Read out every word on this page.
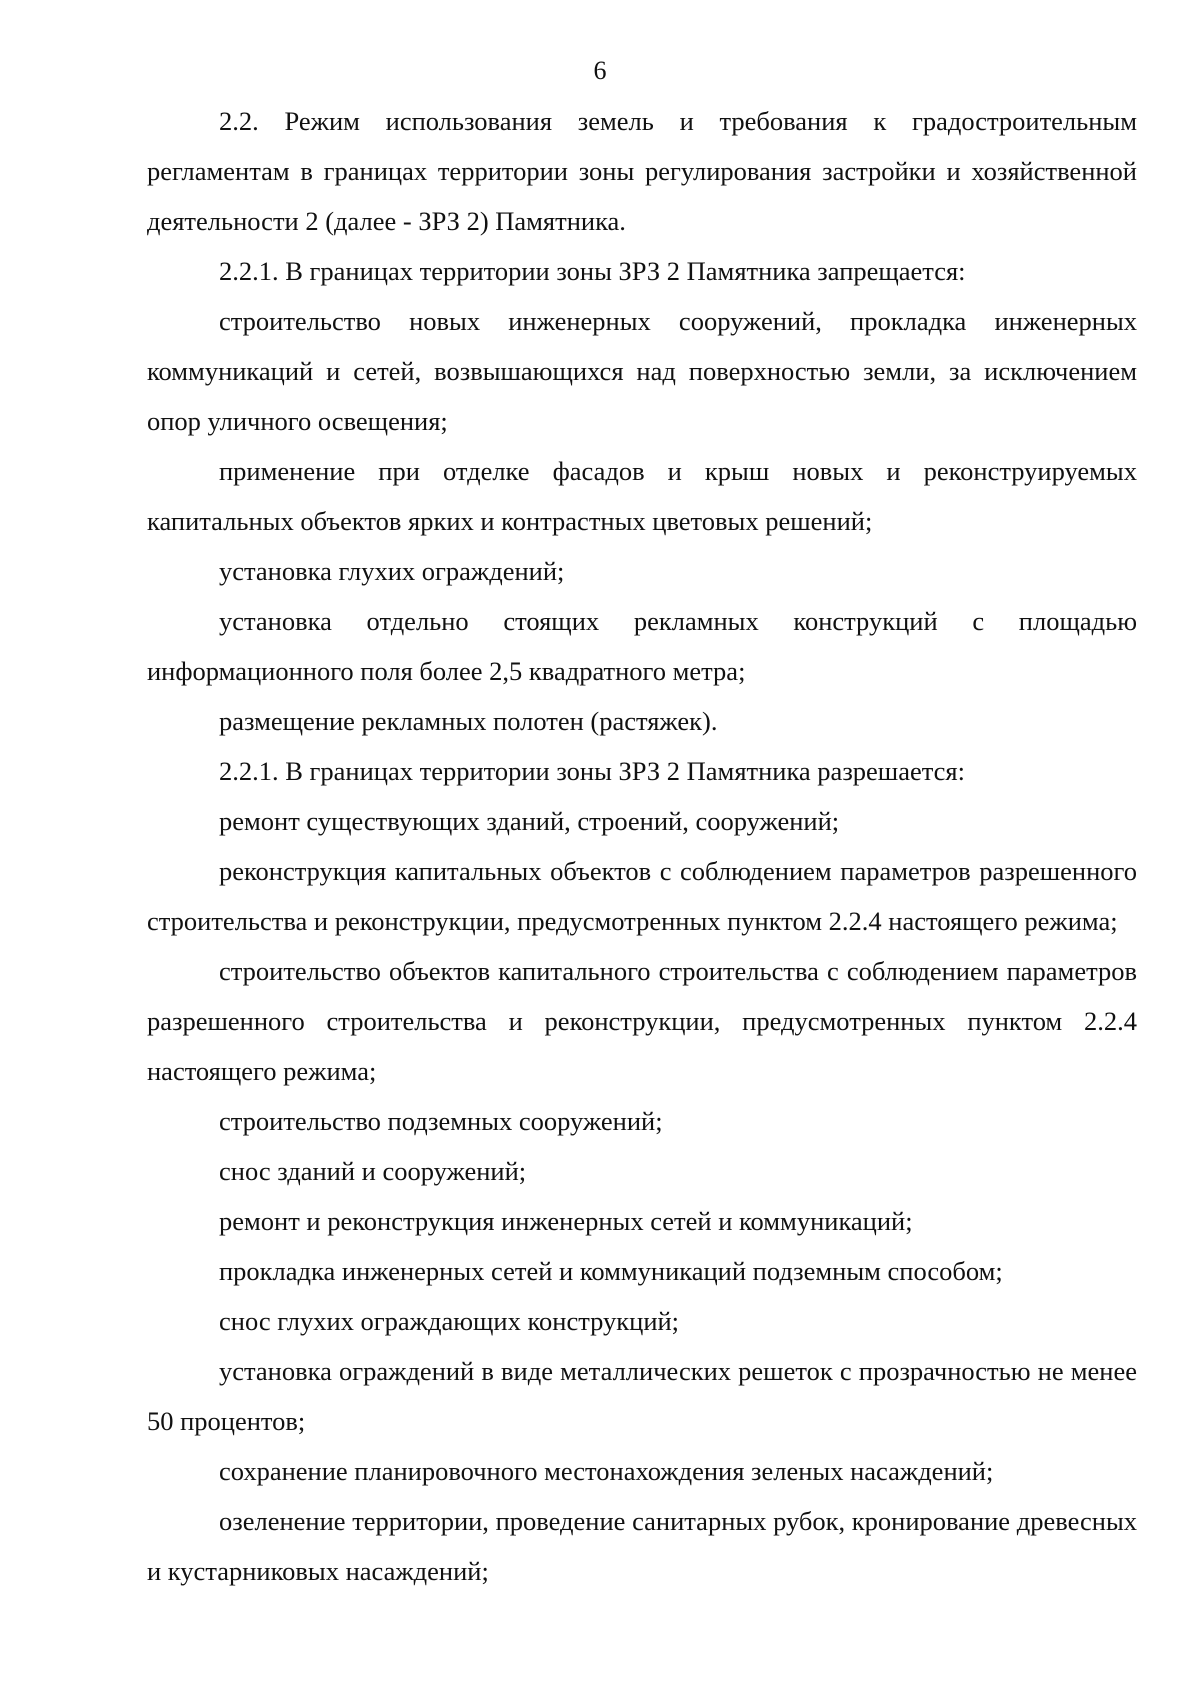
6

2.2. Режим использования земель и требования к градостроительным регламентам в границах территории зоны регулирования застройки и хозяйственной деятельности 2 (далее - ЗРЗ 2) Памятника.

2.2.1. В границах территории зоны ЗРЗ 2 Памятника запрещается:

строительство новых инженерных сооружений, прокладка инженерных коммуникаций и сетей, возвышающихся над поверхностью земли, за исключением опор уличного освещения;

применение при отделке фасадов и крыш новых и реконструируемых капитальных объектов ярких и контрастных цветовых решений;

установка глухих ограждений;

установка отдельно стоящих рекламных конструкций с площадью информационного поля более 2,5 квадратного метра;

размещение рекламных полотен (растяжек).

2.2.1. В границах территории зоны ЗРЗ 2 Памятника разрешается:

ремонт существующих зданий, строений, сооружений;

реконструкция капитальных объектов с соблюдением параметров разрешенного строительства и реконструкции, предусмотренных пунктом 2.2.4 настоящего режима;

строительство объектов капитального строительства с соблюдением параметров разрешенного строительства и реконструкции, предусмотренных пунктом 2.2.4 настоящего режима;

строительство подземных сооружений;

снос зданий и сооружений;

ремонт и реконструкция инженерных сетей и коммуникаций;

прокладка инженерных сетей и коммуникаций подземным способом;

снос глухих ограждающих конструкций;

установка ограждений в виде металлических решеток с прозрачностью не менее 50 процентов;

сохранение планировочного местонахождения зеленых насаждений;

озеленение территории, проведение санитарных рубок, кронирование древесных и кустарниковых насаждений;
